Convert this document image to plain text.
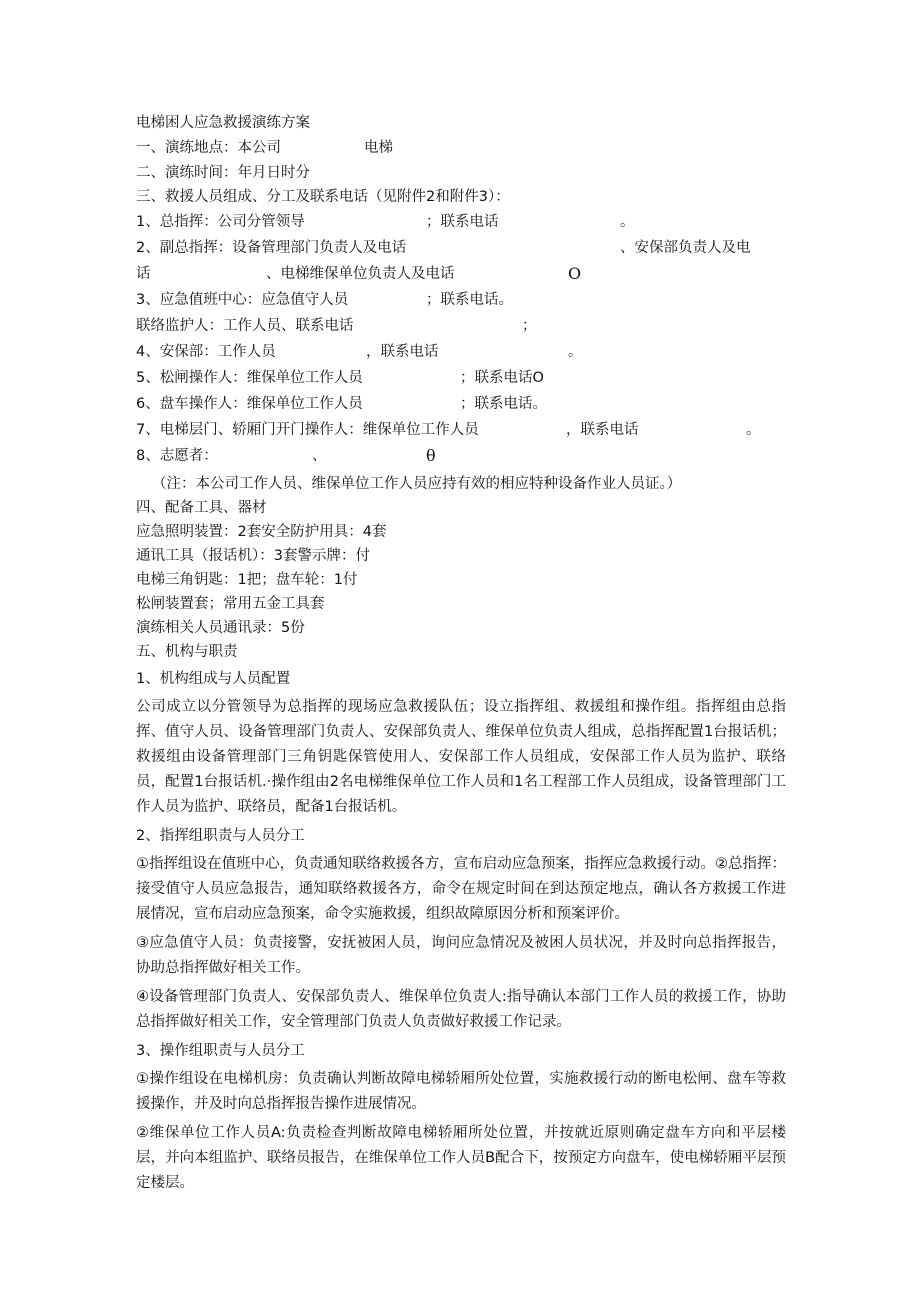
电梯困人应急救援演练方案
一、演练地点：本公司	电梯
二、演练时间：年月日时分
三、救援人员组成、分工及联系电话（见附件2和附件3）：
1、总指挥：公司分管领导	；联系电话	。
2、副总指挥：设备管理部门负责人及电话	、安保部负责人及电
话	、电梯维保单位负责人及电话	O
3、应急值班中心：应急值守人员	；联系电话。
联络监护人：工作人员、联系电话	；
4、安保部：工作人员	，联系电话	。
5、松闸操作人：维保单位工作人员	；联系电话O
6、盘车操作人：维保单位工作人员	；联系电话。
7、电梯层门、轿厢门开门操作人：维保单位工作人员	，联系电话	。
8、志愿者：	、	θ
（注：本公司工作人员、维保单位工作人员应持有效的相应特种设备作业人员证。）
四、配备工具、器材
应急照明装置：2套安全防护用具：4套
通讯工具（报话机）：3套警示牌：付
电梯三角钥匙：1把；盘车轮：1付
松闸装置套；常用五金工具套
演练相关人员通讯录：5份
五、机构与职责
1、机构组成与人员配置
公司成立以分管领导为总指挥的现场应急救援队伍；设立指挥组、救援组和操作组。指挥组由总指挥、值守人员、设备管理部门负责人、安保部负责人、维保单位负责人组成，总指挥配置1台报话机；救援组由设备管理部门三角钥匙保管使用人、安保部工作人员组成，安保部工作人员为监护、联络员，配置1台报话机.·操作组由2名电梯维保单位工作人员和1名工程部工作人员组成，设备管理部门工作人员为监护、联络员，配备1台报话机。
2、指挥组职责与人员分工
①指挥组设在值班中心，负责通知联络救援各方，宣布启动应急预案，指挥应急救援行动。②总指挥：接受值守人员应急报告，通知联络救援各方，命令在规定时间在到达预定地点，确认各方救援工作进展情况，宣布启动应急预案，命令实施救援，组织故障原因分析和预案评价。
③应急值守人员：负责接警，安抚被困人员，询问应急情况及被困人员状况，并及时向总指挥报告，协助总指挥做好相关工作。
④设备管理部门负责人、安保部负责人、维保单位负责人:指导确认本部门工作人员的救援工作，协助总指挥做好相关工作，安全管理部门负责人负责做好救援工作记录。
3、操作组职责与人员分工
①操作组设在电梯机房：负责确认判断故障电梯轿厢所处位置，实施救援行动的断电松闸、盘车等救援操作，并及时向总指挥报告操作进展情况。
②维保单位工作人员A:负责检查判断故障电梯轿厢所处位置，并按就近原则确定盘车方向和平层楼层，并向本组监护、联络员报告，在维保单位工作人员B配合下，按预定方向盘车，使电梯轿厢平层预定楼层。
